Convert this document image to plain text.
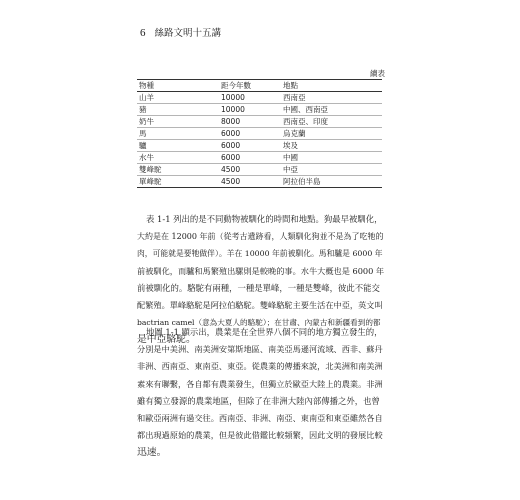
6 絲路文明十五講
續表
物種	距今年數	地點
山羊	10000	西南亞
豬	10000	中國、西南亞
奶牛	8000	西南亞、印度
馬	6000	烏克蘭
驢	6000	埃及
水牛	6000	中國
雙峰駝	4500	中亞
單峰駝	4500	阿拉伯半島

表 1-1 列出的是不同動物被馴化的時間和地點。狗最早被馴化，
大約是在 12000 年前（從考古遺跡看，人類馴化狗並不是為了吃牠的
肉，可能就是要牠做伴）。羊在 10000 年前被馴化。馬和驢是 6000 年
前被馴化，而驢和馬繁殖出騾則是較晚的事。水牛大概也是 6000 年
前被馴化的。駱駝有兩種，一種是單峰，一種是雙峰，彼此不能交
配繁殖。單峰駱駝是阿拉伯駱駝。雙峰駱駝主要生活在中亞，英文叫
bactrian camel（意為大夏人的駱駝）；在甘肅、內蒙古和新疆看到的都
是中亞駱駝。

地圖 1-1 顯示出，農業是在全世界八個不同的地方獨立發生的，
分別是中美洲、南美洲安第斯地區、南美亞馬遜河流域、西非、蘇丹
非洲、西南亞、東南亞、東亞。從農業的傳播來說，北美洲和南美洲
素來有聯繫，各自都有農業發生，但獨立於歐亞大陸上的農業。非洲
雖有獨立發源的農業地區，但除了在非洲大陸內部傳播之外，也曾
和歐亞兩洲有過交往。西南亞、非洲、南亞、東南亞和東亞雖然各自
都出現過原始的農業，但是彼此借鑑比較頻繁，因此文明的發展比較
迅速。
